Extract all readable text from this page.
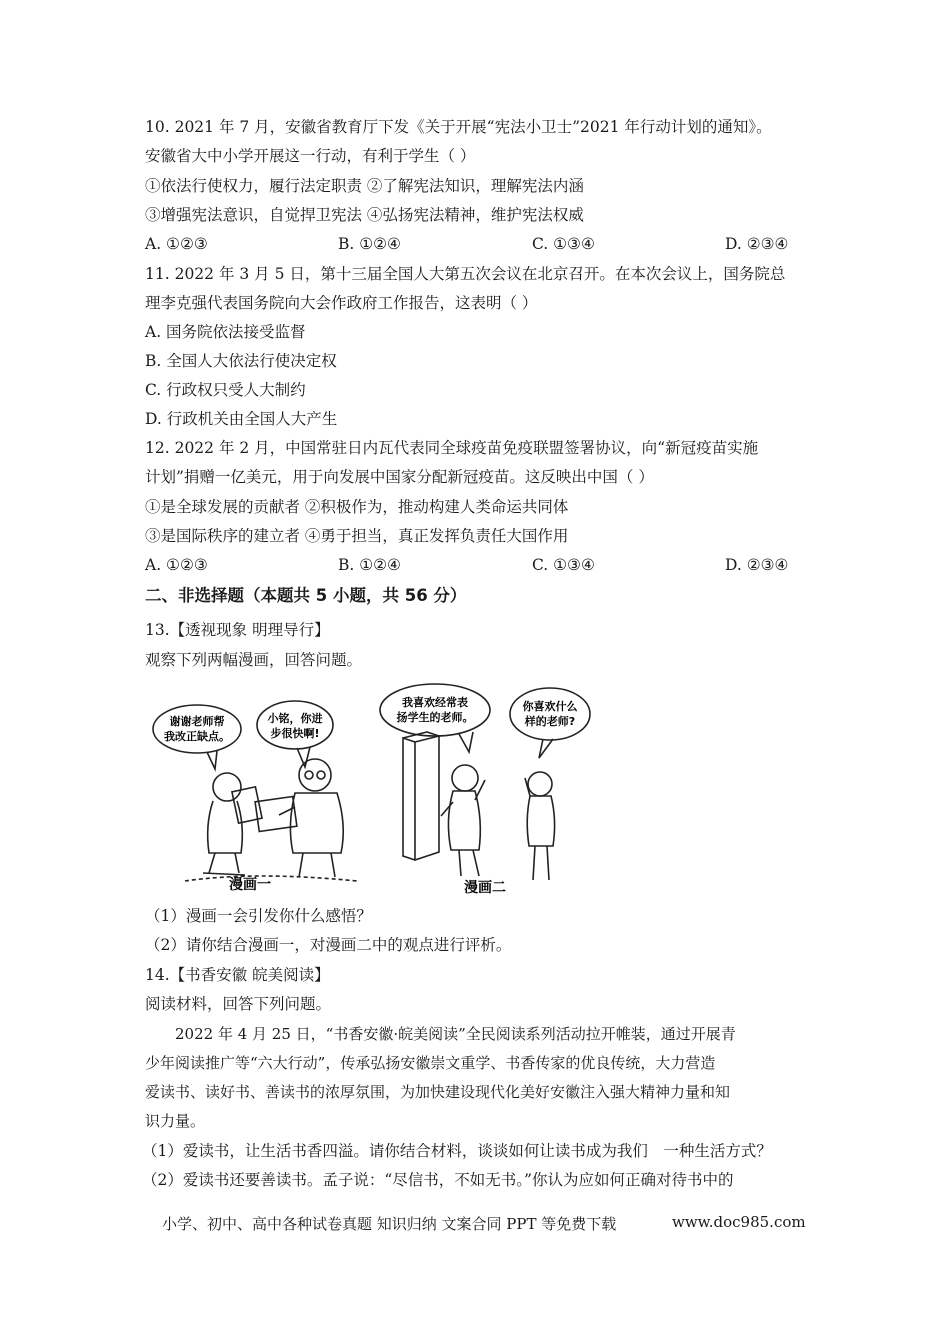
10. 2021 年 7 月，安徽省教育厅下发《关于开展“宪法小卫士”2021 年行动计划的通知》。
安徽省大中小学开展这一行动，有利于学生（ ）
①依法行使权力，履行法定职责 ②了解宪法知识，理解宪法内涵
③增强宪法意识，自觉捍卫宪法 ④弘扬宪法精神，维护宪法权威
A. ①②③	B. ①②④	C. ①③④	D. ②③④
11. 2022 年 3 月 5 日，第十三届全国人大第五次会议在北京召开。在本次会议上，国务院总
理李克强代表国务院向大会作政府工作报告，这表明（ ）
A. 国务院依法接受监督
B. 全国人大依法行使决定权
C. 行政权只受人大制约
D. 行政机关由全国人大产生
12. 2022 年 2 月，中国常驻日内瓦代表同全球疫苗免疫联盟签署协议，向“新冠疫苗实施
计划”捐赠一亿美元，用于向发展中国家分配新冠疫苗。这反映出中国（ ）
①是全球发展的贡献者 ②积极作为，推动构建人类命运共同体
③是国际秩序的建立者 ④勇于担当，真正发挥负责任大国作用
A. ①②③	B. ①②④	C. ①③④	D. ②③④
二、非选择题（本题共 5 小题，共 56 分）
13.【透视现象 明理导行】
观察下列两幅漫画，回答问题。
谢谢老师帮
我改正缺点。
小铭，你进
步很快啊!
漫画一
我喜欢经常表
扬学生的老师。
你喜欢什么
样的老师?
漫画二
（1）漫画一会引发你什么感悟？
（2）请你结合漫画一，对漫画二中的观点进行评析。
14.【书香安徽 皖美阅读】
阅读材料，回答下列问题。
2022 年 4 月 25 日，“书香安徽·皖美阅读”全民阅读系列活动拉开帷装，通过开展青
少年阅读推广等“六大行动”，传承弘扬安徽崇文重学、书香传家的优良传统，大力营造
爱读书、读好书、善读书的浓厚氛围，为加快建设现代化美好安徽注入强大精神力量和知
识力量。
（1）爱读书，让生活书香四溢。请你结合材料，谈谈如何让读书成为我们　一种生活方式？
（2）爱读书还要善读书。孟子说：“尽信书，不如无书。”你认为应如何正确对待书中的
小学、初中、高中各种试卷真题 知识归纳 文案合同 PPT 等免费下载	www.doc985.com
